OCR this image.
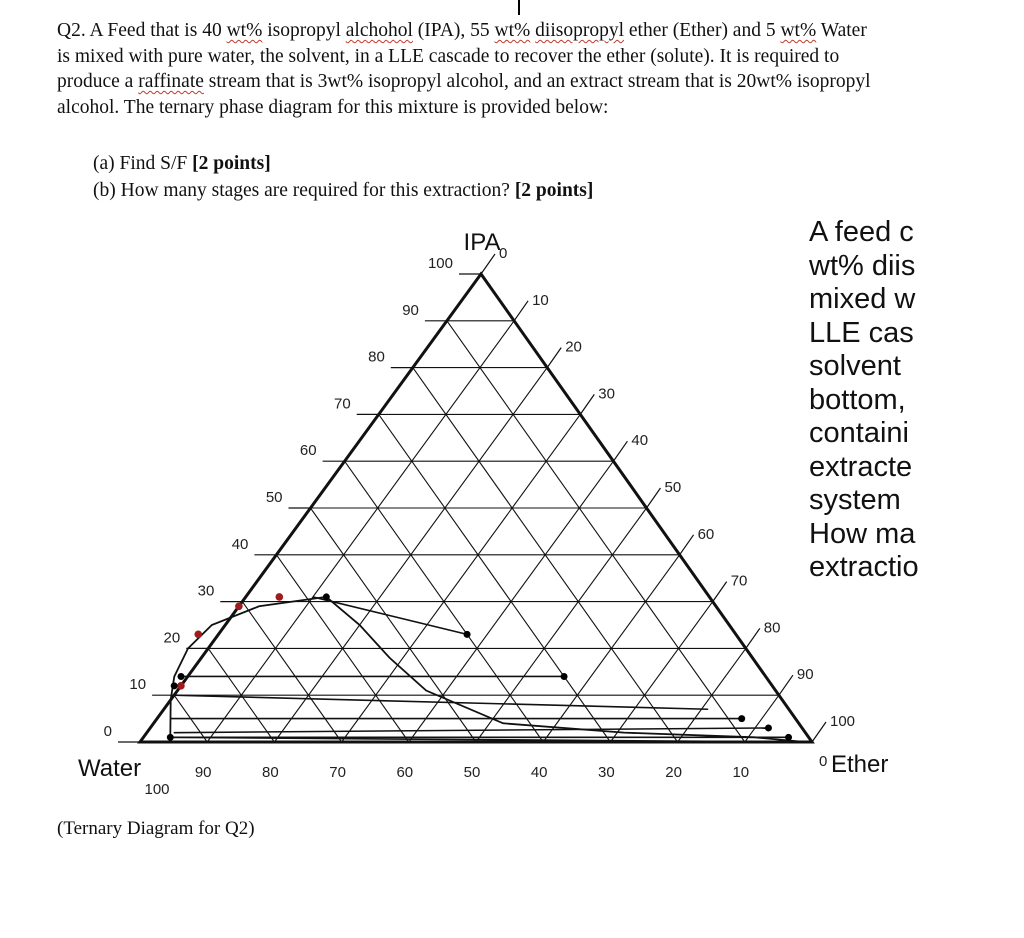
Q2. A Feed that is 40 wt% isopropyl alchohol (IPA), 55 wt% diisopropyl ether (Ether) and 5 wt% Water

is mixed with pure water, the solvent, in a LLE cascade to recover the ether (solute). It is required to

produce a raffinate stream that is 3wt% isopropyl alcohol, and an extract stream that is 20wt% isopropyl

alcohol. The ternary phase diagram for this mixture is provided below:

(a) Find S/F [2 points]
(b) How many stages are required for this extraction? [2 points]
0
10
20
30
40
50
60
70
80
90
100
0
10
20
30
40
50
60
70
80
90
100
100
90	80	70	60	50	40	30	20	10
0
IPA
Water	Ether
A feed c
wt% diis
mixed w
LLE cas
solvent
bottom,
containi
extracte
system
How ma
extractio
(Ternary Diagram for Q2)
